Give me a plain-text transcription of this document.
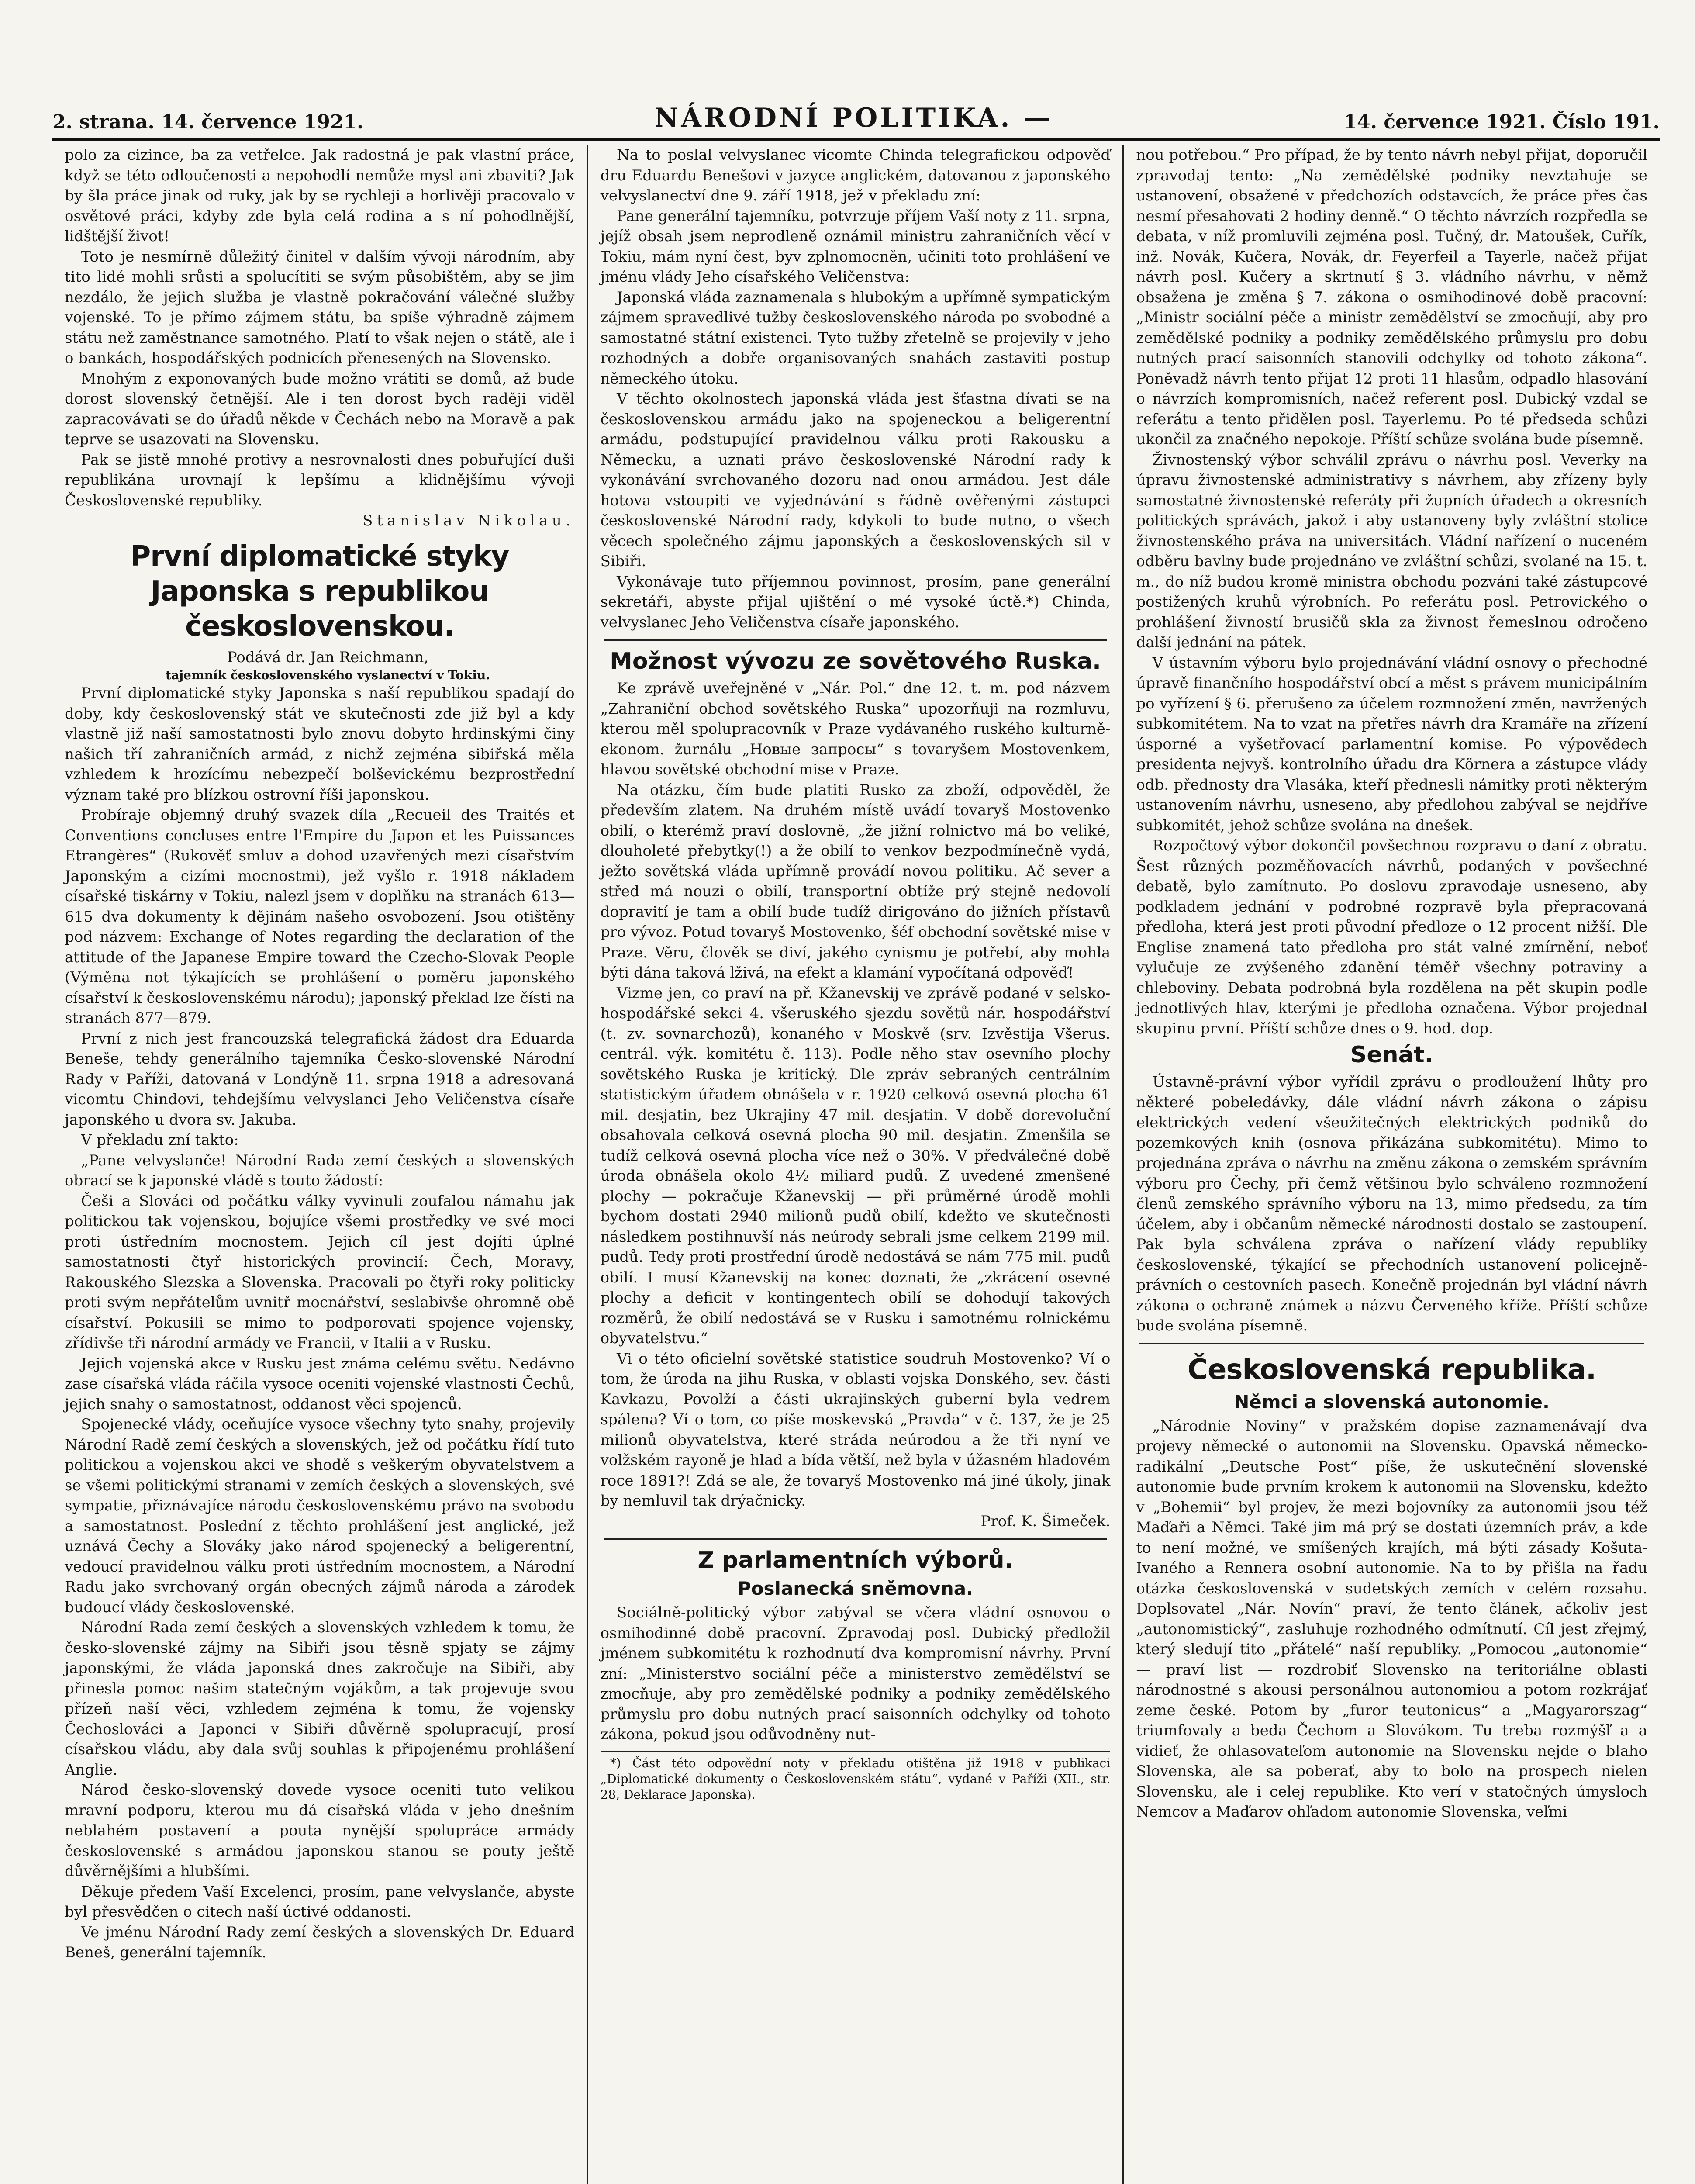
2. strana. 14. července 1921.	NÁRODNÍ POLITIKA. —	14. července 1921. Číslo 191.

polo za cizince, ba za vetřelce. Jak radostná je pak vlastní práce, když se této odloučenosti a nepohodlí nemůže mysl ani zbaviti? Jak by šla práce jinak od ruky, jak by se rychleji a horlivěji pracovalo v osvětové práci, kdyby zde byla celá rodina a s ní pohodlnější, lidštější život!

Toto je nesmírně důležitý činitel v dalším vývoji národním, aby tito lidé mohli srůsti a spolucítiti se svým působištěm, aby se jim nezdálo, že jejich služba je vlastně pokračování válečné služby vojenské. To je přímo zájmem státu, ba spíše výhradně zájmem státu než zaměstnance samotného. Platí to však nejen o státě, ale i o bankách, hospodářských podnicích přenesených na Slovensko.

Mnohým z exponovaných bude možno vrátiti se domů, až bude dorost slovenský četnější. Ale i ten dorost bych raději viděl zapracovávati se do úřadů někde v Čechách nebo na Moravě a pak teprve se usazovati na Slovensku.

Pak se jistě mnohé protivy a nesrovnalosti dnes pobuřující duši republikána urovnají k lepšímu a klidnějšímu vývoji Československé republiky.

Stanislav Nikolau.

První diplomatické styky Japonska s republikou československou.

Podává dr. Jan Reichmann,
tajemník československého vyslanectví v Tokiu.

První diplomatické styky Japonska s naší republikou spadají do doby, kdy československý stát ve skutečnosti zde již byl a kdy vlastně již naší samostatnosti bylo znovu dobyto hrdinskými činy našich tří zahraničních armád, z nichž zejména sibiřská měla vzhledem k hrozícímu nebezpečí bolševickému bezprostřední význam také pro blízkou ostrovní říši japonskou.

Probíraje objemný druhý svazek díla „Recueil des Traités et Conventions concluses entre l'Empire du Japon et les Puissances Etrangères“ (Rukověť smluv a dohod uzavřených mezi císařstvím Japonským a cizími mocnostmi), jež vyšlo r. 1918 nákladem císařské tiskárny v Tokiu, nalezl jsem v doplňku na stranách 613—615 dva dokumenty k dějinám našeho osvobození. Jsou otištěny pod názvem: Exchange of Notes regarding the declaration of the attitude of the Japanese Empire toward the Czecho-Slovak People (Výměna not týkajících se prohlášení o poměru japonského císařství k československému národu); japonský překlad lze čísti na stranách 877—879.

První z nich jest francouzská telegrafická žádost dra Eduarda Beneše, tehdy generálního tajemníka Česko-slovenské Národní Rady v Paříži, datovaná v Londýně 11. srpna 1918 a adresovaná vicomtu Chindovi, tehdejšímu velvyslanci Jeho Veličenstva císaře japonského u dvora sv. Jakuba.

V překladu zní takto:

„Pane velvyslanče! Národní Rada zemí českých a slovenských obrací se k japonské vládě s touto žádostí:

Češi a Slováci od počátku války vyvinuli zoufalou námahu jak politickou tak vojenskou, bojujíce všemi prostředky ve své moci proti ústředním mocnostem. Jejich cíl jest dojíti úplné samostatnosti čtyř historických provincií: Čech, Moravy, Rakouského Slezska a Slovenska. Pracovali po čtyři roky politicky proti svým nepřátelům uvnitř mocnářství, seslabivše ohromně obě císařství. Pokusili se mimo to podporovati spojence vojensky, zřídivše tři národní armády ve Francii, v Italii a v Rusku.

Jejich vojenská akce v Rusku jest známa celému světu. Nedávno zase císařská vláda ráčila vysoce oceniti vojenské vlastnosti Čechů, jejich snahy o samostatnost, oddanost věci spojenců.

Spojenecké vlády, oceňujíce vysoce všechny tyto snahy, projevily Národní Radě zemí českých a slovenských, jež od počátku řídí tuto politickou a vojenskou akci ve shodě s veškerým obyvatelstvem a se všemi politickými stranami v zemích českých a slovenských, své sympatie, přiznávajíce národu československému právo na svobodu a samostatnost. Poslední z těchto prohlášení jest anglické, jež uznává Čechy a Slováky jako národ spojenecký a beligerentní, vedoucí pravidelnou válku proti ústředním mocnostem, a Národní Radu jako svrchovaný orgán obecných zájmů národa a zárodek budoucí vlády československé.

Národní Rada zemí českých a slovenských vzhledem k tomu, že česko-slovenské zájmy na Sibiři jsou těsně spjaty se zájmy japonskými, že vláda japonská dnes zakročuje na Sibiři, aby přinesla pomoc našim statečným vojákům, a tak projevuje svou přízeň naší věci, vzhledem zejména k tomu, že vojensky Čechoslováci a Japonci v Sibiři důvěrně spolupracují, prosí císařskou vládu, aby dala svůj souhlas k připojenému prohlášení Anglie.

Národ česko-slovenský dovede vysoce oceniti tuto velikou mravní podporu, kterou mu dá císařská vláda v jeho dnešním neblahém postavení a pouta nynější spolupráce armády československé s armádou japonskou stanou se pouty ještě důvěrnějšími a hlubšími.

Děkuje předem Vaší Excelenci, prosím, pane velvyslanče, abyste byl přesvědčen o citech naší úctivé oddanosti.

Ve jménu Národní Rady zemí českých a slovenských Dr. Eduard Beneš, generální tajemník.

Na to poslal velvyslanec vicomte Chinda telegrafickou odpověď dru Eduardu Benešovi v jazyce anglickém, datovanou z japonského velvyslanectví dne 9. září 1918, jež v překladu zní:

Pane generální tajemníku, potvrzuje příjem Vaší noty z 11. srpna, jejíž obsah jsem neprodleně oznámil ministru zahraničních věcí v Tokiu, mám nyní čest, byv zplnomocněn, učiniti toto prohlášení ve jménu vlády Jeho císařského Veličenstva:

Japonská vláda zaznamenala s hlubokým a upřímně sympatickým zájmem spravedlivé tužby československého národa po svobodné a samostatné státní existenci. Tyto tužby zřetelně se projevily v jeho rozhodných a dobře organisovaných snahách zastaviti postup německého útoku.

V těchto okolnostech japonská vláda jest šťastna dívati se na československou armádu jako na spojeneckou a beligerentní armádu, podstupující pravidelnou válku proti Rakousku a Německu, a uznati právo československé Národní rady k vykonávání svrchovaného dozoru nad onou armádou. Jest dále hotova vstoupiti ve vyjednávání s řádně ověřenými zástupci československé Národní rady, kdykoli to bude nutno, o všech věcech společného zájmu japonských a československých sil v Sibiři.

Vykonávaje tuto příjemnou povinnost, prosím, pane generální sekretáři, abyste přijal ujištění o mé vysoké úctě.*) Chinda, velvyslanec Jeho Veličenstva císaře japonského.

Možnost vývozu ze sovětového Ruska.

Ke zprávě uveřejněné v „Nár. Pol.“ dne 12. t. m. pod názvem „Zahraniční obchod sovětského Ruska“ upozorňuji na rozmluvu, kterou měl spolupracovník v Praze vydávaného ruského kulturně-ekonom. žurnálu „Новые запросы“ s tovaryšem Mostovenkem, hlavou sovětské obchodní mise v Praze.

Na otázku, čím bude platiti Rusko za zboží, odpověděl, že především zlatem. Na druhém místě uvádí tovaryš Mostovenko obilí, o kterémž praví doslovně, „že jižní rolnictvo má bo veliké, dlouholeté přebytky(!) a že obilí to venkov bezpodmínečně vydá, ježto sovětská vláda upřímně provádí novou politiku. Ač sever a střed má nouzi o obilí, transportní obtíže prý stejně nedovolí dopravití je tam a obilí bude tudíž dirigováno do jižních přístavů pro vývoz. Potud tovaryš Mostovenko, šéf obchodní sovětské mise v Praze. Věru, člověk se diví, jakého cynismu je potřebí, aby mohla býti dána taková lživá, na efekt a klamání vypočítaná odpověď!

Vizme jen, co praví na př. Kžanevskij ve zprávě podané v selsko-hospodářské sekci 4. všeruského sjezdu sovětů nár. hospodářství (t. zv. sovnarchozů), konaného v Moskvě (srv. Izvěstija Všerus. centrál. výk. komitétu č. 113). Podle něho stav osevního plochy sovětského Ruska je kritický. Dle zpráv sebraných centrálním statistickým úřadem obnášela v r. 1920 celková osevná plocha 61 mil. desjatin, bez Ukrajiny 47 mil. desjatin. V době dorevoluční obsahovala celková osevná plocha 90 mil. desjatin. Zmenšila se tudíž celková osevná plocha více než o 30%. V předválečné době úroda obnášela okolo 4½ miliard pudů. Z uvedené zmenšené plochy — pokračuje Kžanevskij — při průměrné úrodě mohli bychom dostati 2940 milionů pudů obilí, kdežto ve skutečnosti následkem postihnuvší nás neúrody sebrali jsme celkem 2199 mil. pudů. Tedy proti prostřední úrodě nedostává se nám 775 mil. pudů obilí. I musí Kžanevskij na konec doznati, že „zkrácení osevné plochy a deficit v kontingentech obilí se dohodují takových rozměrů, že obilí nedostává se v Rusku i samotnému rolnickému obyvatelstvu.“

Vi o této oficielní sovětské statistice soudruh Mostovenko? Ví o tom, že úroda na jihu Ruska, v oblasti vojska Donského, sev. části Kavkazu, Povolží a části ukrajinských guberní byla vedrem spálena? Ví o tom, co píše moskevská „Pravda“ v č. 137, že je 25 milionů obyvatelstva, které stráda neúrodou a že tři nyní ve volžském rayoně je hlad a bída větší, než byla v úžasném hladovém roce 1891?! Zdá se ale, že tovaryš Mostovenko má jiné úkoly, jinak by nemluvil tak drýačnicky.

Prof. K. Šimeček.

Z parlamentních výborů.
Poslanecká sněmovna.

Sociálně-politický výbor zabýval se včera vládní osnovou o osmihodinné době pracovní. Zpravodaj posl. Dubický předložil jménem subkomitétu k rozhodnutí dva kompromisní návrhy. První zní: „Ministerstvo sociální péče a ministerstvo zemědělství se zmocňuje, aby pro zemědělské podniky a podniky zemědělského průmyslu pro dobu nutných prací saisonních odchylky od tohoto zákona, pokud jsou odůvodněny nut-

*) Část této odpovědní noty v překladu otištěna již 1918 v publikaci „Diplomatické dokumenty o Československém státu“, vydané v Paříži (XII., str. 28, Deklarace Japonska).

nou potřebou.“ Pro případ, že by tento návrh nebyl přijat, doporučil zpravodaj tento: „Na zemědělské podniky nevztahuje se ustanovení, obsažené v předchozích odstavcích, že práce přes čas nesmí přesahovati 2 hodiny denně.“ O těchto návrzích rozpředla se debata, v níž promluvili zejména posl. Tučný, dr. Matoušek, Cuřík, inž. Novák, Kučera, Novák, dr. Feyerfeil a Tayerle, načež přijat návrh posl. Kučery a skrtnutí § 3. vládního návrhu, v němž obsažena je změna § 7. zákona o osmihodinové době pracovní: „Ministr sociální péče a ministr zemědělství se zmocňují, aby pro zemědělské podniky a podniky zemědělského průmyslu pro dobu nutných prací saisonních stanovili odchylky od tohoto zákona“. Poněvadž návrh tento přijat 12 proti 11 hlasům, odpadlo hlasování o návrzích kompromisních, načež referent posl. Dubický vzdal se referátu a tento přidělen posl. Tayerlemu. Po té předseda schůzi ukončil za značného nepokoje. Příští schůze svolána bude písemně.

Živnostenský výbor schválil zprávu o návrhu posl. Veverky na úpravu živnostenské administrativy s návrhem, aby zřízeny byly samostatné živnostenské referáty při župních úřadech a okresních politických správách, jakož i aby ustanoveny byly zvláštní stolice živnostenského práva na universitách. Vládní nařízení o nuceném odběru bavlny bude projednáno ve zvláštní schůzi, svolané na 15. t. m., do níž budou kromě ministra obchodu pozváni také zástupcové postižených kruhů výrobních. Po referátu posl. Petrovického o prohlášení živností brusičů skla za živnost řemeslnou odročeno další jednání na pátek.

V ústavním výboru bylo projednávání vládní osnovy o přechodné úpravě finančního hospodářství obcí a měst s právem municipálním po vyřízení § 6. přerušeno za účelem rozmnožení změn, navržených subkomitétem. Na to vzat na přetřes návrh dra Kramáře na zřízení úsporné a vyšetřovací parlamentní komise. Po výpovědech presidenta nejvyš. kontrolního úřadu dra Körnera a zástupce vlády odb. přednosty dra Vlasáka, kteří přednesli námitky proti některým ustanovením návrhu, usneseno, aby předlohou zabýval se nejdříve subkomitét, jehož schůze svolána na dnešek.

Rozpočtový výbor dokončil povšechnou rozpravu o daní z obratu. Šest různých pozměňovacích návrhů, podaných v povšechné debatě, bylo zamítnuto. Po doslovu zpravodaje usneseno, aby podkladem jednání v podrobné rozpravě byla přepracovaná předloha, která jest proti původní předloze o 12 procent nižší. Dle Englise znamená tato předloha pro stát valné zmírnění, neboť vylučuje ze zvýšeného zdanění téměř všechny potraviny a chleboviny. Debata podrobná byla rozdělena na pět skupin podle jednotlivých hlav, kterými je předloha označena. Výbor projednal skupinu první. Příští schůze dnes o 9. hod. dop.

Senát.

Ústavně-právní výbor vyřídil zprávu o prodloužení lhůty pro některé pobeledávky, dále vládní návrh zákona o zápisu elektrických vedení všeužitečných elektrických podniků do pozemkových knih (osnova přikázána subkomitétu). Mimo to projednána zpráva o návrhu na změnu zákona o zemském správním výboru pro Čechy, při čemž většinou bylo schváleno rozmnožení členů zemského správního výboru na 13, mimo předsedu, za tím účelem, aby i občanům německé národnosti dostalo se zastoupení. Pak byla schválena zpráva o nařízení vlády republiky československé, týkající se přechodních ustanovení policejně-právních o cestovních pasech. Konečně projednán byl vládní návrh zákona o ochraně známek a názvu Červeného kříže. Příští schůze bude svolána písemně.

Československá republika.
Němci a slovenská autonomie.

„Národnie Noviny“ v pražském dopise zaznamenávají dva projevy německé o autonomii na Slovensku. Opavská německo-radikální „Deutsche Post“ píše, že uskutečnění slovenské autonomie bude prvním krokem k autonomii na Slovensku, kdežto v „Bohemii“ byl projev, že mezi bojovníky za autonomii jsou též Maďaři a Němci. Také jim má prý se dostati územních práv, a kde to není možné, ve smíšených krajích, má býti zásady Košuta-Ivaného a Rennera osobní autonomie. Na to by přišla na řadu otázka československá v sudetských zemích v celém rozsahu. Doplsovatel „Nár. Novín“ praví, že tento článek, ačkoliv jest „autonomistický“, zasluhuje rozhodného odmítnutí. Cíl jest zřejmý, který sledují tito „přátelé“ naší republiky. „Pomocou „autonomie“ — praví list — rozdrobiť Slovensko na teritoriálne oblasti národnostné s akousi personálnou autonomiou a potom rozkrájať zeme české. Potom by „furor teutonicus“ a „Magyarorszag“ triumfovaly a beda Čechom a Slovákom. Tu treba rozmýšľ a a vidieť, že ohlasovateľom autonomie na Slovensku nejde o blaho Slovenska, ale sa poberať, aby to bolo na prospech nielen Slovensku, ale i celej republike. Kto verí v statočných úmysloch Nemcov a Maďarov ohľadom autonomie Slovenska, veľmi
